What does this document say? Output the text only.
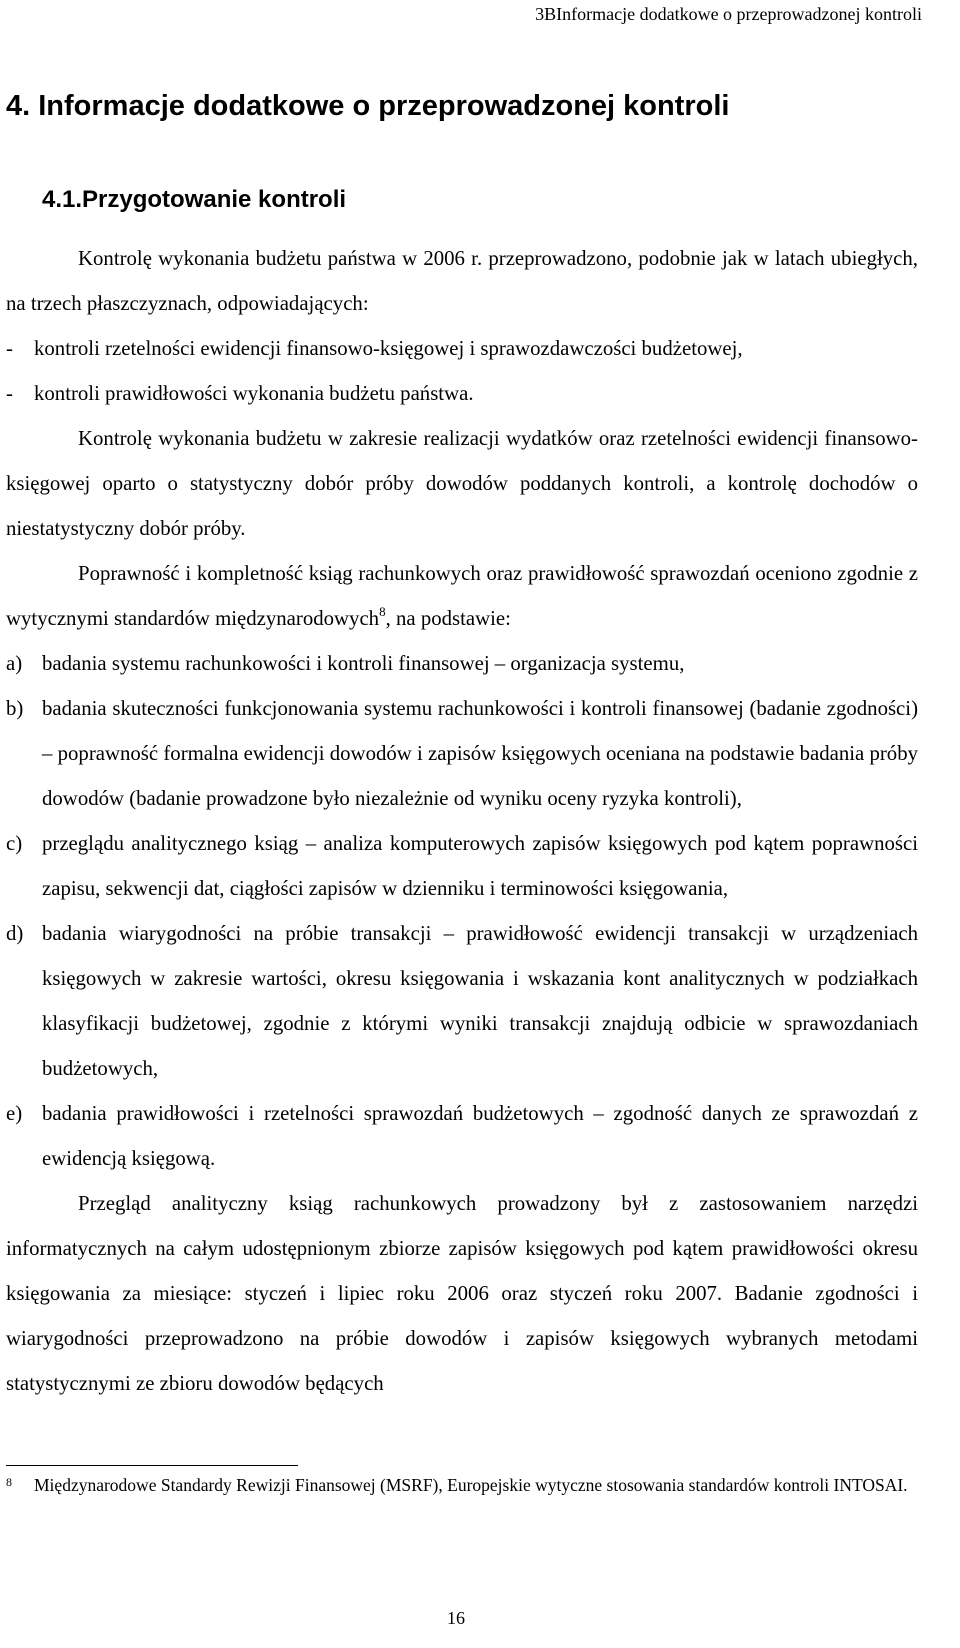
3BInformacje dodatkowe o przeprowadzonej kontroli
4. Informacje dodatkowe o przeprowadzonej kontroli
4.1.Przygotowanie kontroli

Kontrolę wykonania budżetu państwa w 2006 r. przeprowadzono, podobnie jak w latach ubiegłych, na trzech płaszczyznach, odpowiadających:

-	kontroli rzetelności ewidencji finansowo-księgowej i sprawozdawczości budżetowej,
-	kontroli prawidłowości wykonania budżetu państwa.

Kontrolę wykonania budżetu w zakresie realizacji wydatków oraz rzetelności ewidencji finansowo-księgowej oparto o statystyczny dobór próby dowodów poddanych kontroli, a kontrolę dochodów o niestatystyczny dobór próby.

Poprawność i kompletność ksiąg rachunkowych oraz prawidłowość sprawozdań oceniono zgodnie z wytycznymi standardów międzynarodowych$^8$, na podstawie:

a) badania systemu rachunkowości i kontroli finansowej – organizacja systemu,
b) badania skuteczności funkcjonowania systemu rachunkowości i kontroli finansowej (badanie zgodności) – poprawność formalna ewidencji dowodów i zapisów księgowych oceniana na podstawie badania próby dowodów (badanie prowadzone było niezależnie od wyniku oceny ryzyka kontroli),
c) przeglądu analitycznego ksiąg – analiza komputerowych zapisów księgowych pod kątem poprawności zapisu, sekwencji dat, ciągłości zapisów w dzienniku i terminowości księgowania,
d) badania wiarygodności na próbie transakcji – prawidłowość ewidencji transakcji w urządzeniach księgowych w zakresie wartości, okresu księgowania i wskazania kont analitycznych w podziałkach klasyfikacji budżetowej, zgodnie z którymi wyniki transakcji znajdują odbicie w sprawozdaniach budżetowych,
e) badania prawidłowości i rzetelności sprawozdań budżetowych – zgodność danych ze sprawozdań z ewidencją księgową.

Przegląd analityczny ksiąg rachunkowych prowadzony był z zastosowaniem narzędzi informatycznych na całym udostępnionym zbiorze zapisów księgowych pod kątem prawidłowości okresu księgowania za miesiące: styczeń i lipiec roku 2006 oraz styczeń roku 2007. Badanie zgodności i wiarygodności przeprowadzono na próbie dowodów i zapisów księgowych wybranych metodami statystycznymi ze zbioru dowodów będących

8	Międzynarodowe Standardy Rewizji Finansowej (MSRF), Europejskie wytyczne stosowania standardów kontroli INTOSAI.
16
